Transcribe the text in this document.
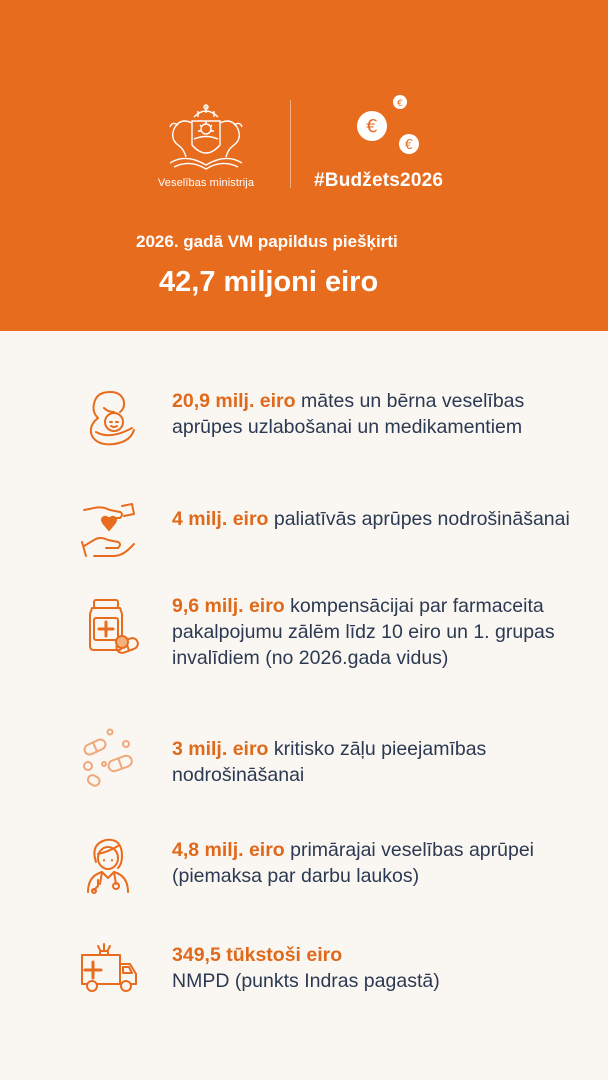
Veselības ministrija
€
€
€
#Budžets2026
2026. gadā VM papildus piešķirti
42,7 miljoni eiro
20,9 milj. eiro mātes un bērna veselības aprūpes uzlabošanai un medikamentiem
4 milj. eiro paliatīvās aprūpes nodrošināšanai
9,6 milj. eiro kompensācijai par farmaceita pakalpojumu zālēm līdz 10 eiro un 1. grupas invalīdiem (no 2026.gada vidus)
3 milj. eiro kritisko zāļu pieejamības nodrošināšanai
4,8 milj. eiro primārajai veselības aprūpei (piemaksa par darbu laukos)
349,5 tūkstoši eiro
NMPD (punkts Indras pagastā)
